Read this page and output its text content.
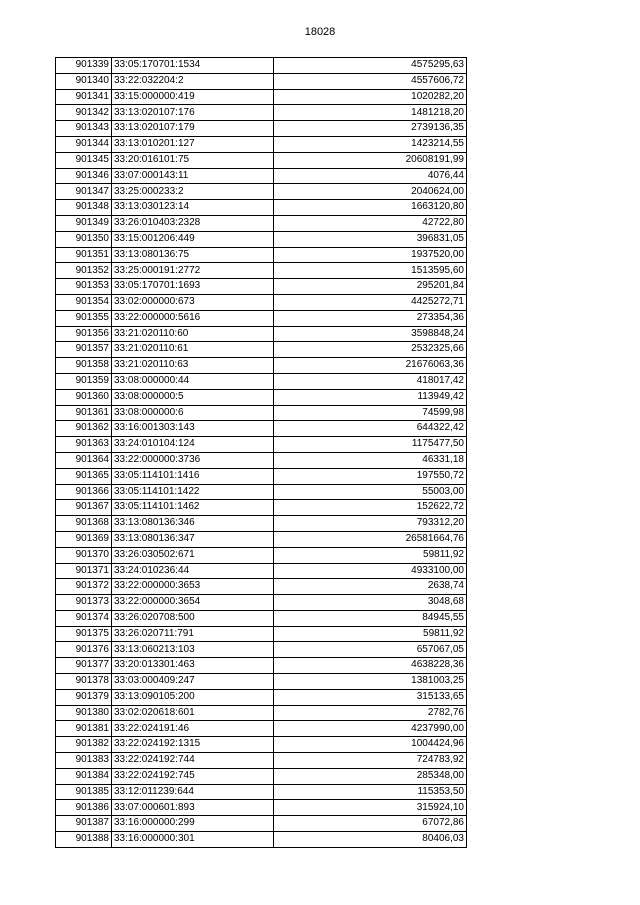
18028
901339	33:05:170701:1534	4575295,63
901340	33:22:032204:2	4557606,72
901341	33:15:000000:419	1020282,20
901342	33:13:020107:176	1481218,20
901343	33:13:020107:179	2739136,35
901344	33:13:010201:127	1423214,55
901345	33:20:016101:75	20608191,99
901346	33:07:000143:11	4076,44
901347	33:25:000233:2	2040624,00
901348	33:13:030123:14	1663120,80
901349	33:26:010403:2328	42722,80
901350	33:15:001206:449	396831,05
901351	33:13:080136:75	1937520,00
901352	33:25:000191:2772	1513595,60
901353	33:05:170701:1693	295201,84
901354	33:02:000000:673	4425272,71
901355	33:22:000000:5616	273354,36
901356	33:21:020110:60	3598848,24
901357	33:21:020110:61	2532325,66
901358	33:21:020110:63	21676063,36
901359	33:08:000000:44	418017,42
901360	33:08:000000:5	113949,42
901361	33:08:000000:6	74599,98
901362	33:16:001303:143	644322,42
901363	33:24:010104:124	1175477,50
901364	33:22:000000:3736	46331,18
901365	33:05:114101:1416	197550,72
901366	33:05:114101:1422	55003,00
901367	33:05:114101:1462	152622,72
901368	33:13:080136:346	793312,20
901369	33:13:080136:347	26581664,76
901370	33:26:030502:671	59811,92
901371	33:24:010236:44	4933100,00
901372	33:22:000000:3653	2638,74
901373	33:22:000000:3654	3048,68
901374	33:26:020708:500	84945,55
901375	33:26:020711:791	59811,92
901376	33:13:060213:103	657067,05
901377	33:20:013301:463	4638228,36
901378	33:03:000409:247	1381003,25
901379	33:13:090105:200	315133,65
901380	33:02:020618:601	2782,76
901381	33:22:024191:46	4237990,00
901382	33:22:024192:1315	1004424,96
901383	33:22:024192:744	724783,92
901384	33:22:024192:745	285348,00
901385	33:12:011239:644	115353,50
901386	33:07:000601:893	315924,10
901387	33:16:000000:299	67072,86
901388	33:16:000000:301	80406,03
